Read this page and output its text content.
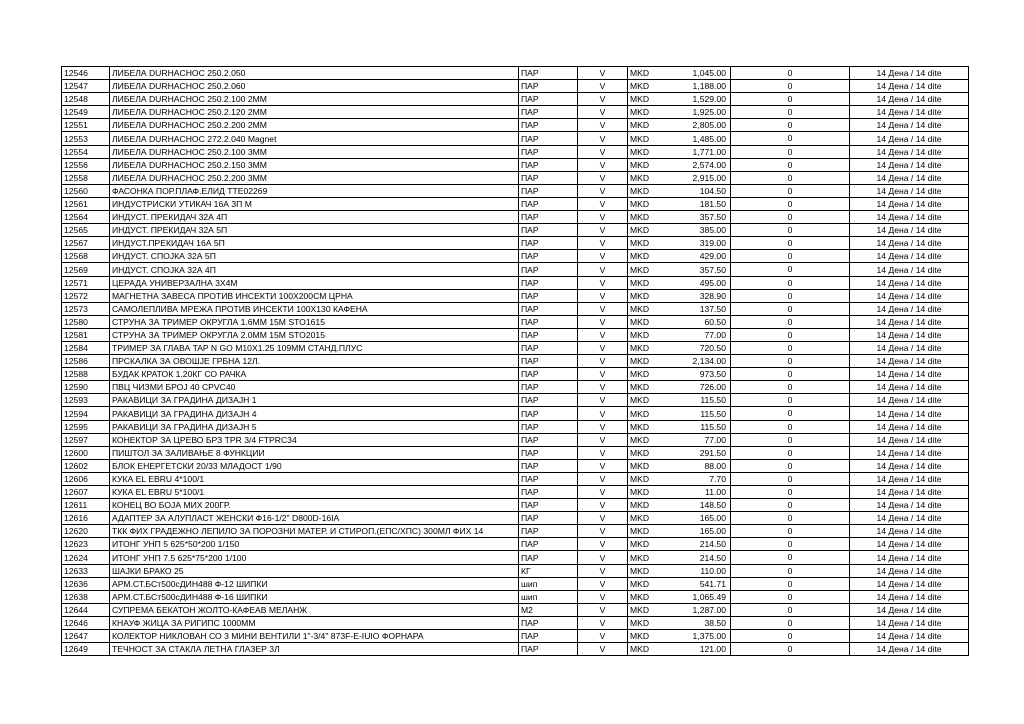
12546	ЛИБЕЛА DURHACHOC 250.2.050	ПАР	V	MKD	1,045.00	0	14 Дена / 14 dite
12547	ЛИБЕЛА DURHACHOC 250.2.060	ПАР	V	MKD	1,188.00	0	14 Дена / 14 dite
12548	ЛИБЕЛА DURHACHOC 250.2.100 2ММ	ПАР	V	MKD	1,529.00	0	14 Дена / 14 dite
12549	ЛИБЕЛА DURHACHOC 250.2.120 2ММ	ПАР	V	MKD	1,925.00	0	14 Дена / 14 dite
12551	ЛИБЕЛА DURHACHOC 250.2.200 2ММ	ПАР	V	MKD	2,805.00	0	14 Дена / 14 dite
12553	ЛИБЕЛА DURHACHOC 272.2.040 Magnet	ПАР	V	MKD	1,485.00	0	14 Дена / 14 dite
12554	ЛИБЕЛА DURHACHOC 250.2.100 3ММ	ПАР	V	MKD	1,771.00	0	14 Дена / 14 dite
12556	ЛИБЕЛА DURHACHOC 250.2.150 3ММ	ПАР	V	MKD	2,574.00	0	14 Дена / 14 dite
12558	ЛИБЕЛА DURHACHOC 250.2.200 3ММ	ПАР	V	MKD	2,915.00	0	14 Дена / 14 dite
12560	ФАСОНКА ПОР.ПЛАФ.ЕЛИД ТТЕ02269	ПАР	V	MKD	104.50	0	14 Дена / 14 dite
12561	ИНДУСТРИСКИ УТИКАЧ 16А 3П М	ПАР	V	MKD	181.50	0	14 Дена / 14 dite
12564	ИНДУСТ. ПРЕКИДАЧ 32А 4П	ПАР	V	MKD	357.50	0	14 Дена / 14 dite
12565	ИНДУСТ. ПРЕКИДАЧ 32А 5П	ПАР	V	MKD	385.00	0	14 Дена / 14 dite
12567	ИНДУСТ.ПРЕКИДАЧ 16А 5П	ПАР	V	MKD	319.00	0	14 Дена / 14 dite
12568	ИНДУСТ. СПОЈКА 32А 5П	ПАР	V	MKD	429.00	0	14 Дена / 14 dite
12569	ИНДУСТ. СПОЈКА 32А 4П	ПАР	V	MKD	357.50	0	14 Дена / 14 dite
12571	ЦЕРАДА УНИВЕРЗАЛНА 3Х4М	ПАР	V	MKD	495.00	0	14 Дена / 14 dite
12572	МАГНЕТНА ЗАВЕСА ПРОТИВ ИНСЕКТИ 100Х200СМ ЦРНА	ПАР	V	MKD	328.90	0	14 Дена / 14 dite
12573	САМОЛЕПЛИВА МРЕЖА ПРОТИВ ИНСЕКТИ 100Х130 КАФЕНА	ПАР	V	MKD	137.50	0	14 Дена / 14 dite
12580	СТРУНА ЗА ТРИМЕР ОКРУГЛА 1.6ММ 15М STO1615	ПАР	V	MKD	60.50	0	14 Дена / 14 dite
12581	СТРУНА ЗА ТРИМЕР ОКРУГЛА 2.0ММ 15М STO2015	ПАР	V	MKD	77.00	0	14 Дена / 14 dite
12584	ТРИМЕР ЗА ГЛАВА TAP N GO M10X1.25 109ММ СТАНД.ПЛУС	ПАР	V	MKD	720.50	0	14 Дена / 14 dite
12586	ПРСКАЛКА ЗА ОВОШЈЕ ГРБНА 12Л.	ПАР	V	MKD	2,134.00	0	14 Дена / 14 dite
12588	БУДАК КРАТОК 1.20КГ СО РАЧКА	ПАР	V	MKD	973.50	0	14 Дена / 14 dite
12590	ПВЦ ЧИЗМИ БРОЈ 40 CPVC40	ПАР	V	MKD	726.00	0	14 Дена / 14 dite
12593	РАКАВИЦИ ЗА ГРАДИНА ДИЗАЈН 1	ПАР	V	MKD	115.50	0	14 Дена / 14 dite
12594	РАКАВИЦИ ЗА ГРАДИНА ДИЗАЈН 4	ПАР	V	MKD	115.50	0	14 Дена / 14 dite
12595	РАКАВИЦИ ЗА ГРАДИНА ДИЗАЈН 5	ПАР	V	MKD	115.50	0	14 Дена / 14 dite
12597	КОНЕКТОР ЗА ЦРЕВО БРЗ TPR 3/4 FTPRC34	ПАР	V	MKD	77.00	0	14 Дена / 14 dite
12600	ПИШТОЛ ЗА ЗАЛИВАЊЕ 8 ФУНКЦИИ	ПАР	V	MKD	291.50	0	14 Дена / 14 dite
12602	БЛОК ЕНЕРГЕТСКИ 20/33 МЛАДОСТ 1/90	ПАР	V	MKD	88.00	0	14 Дена / 14 dite
12606	КУКА EL EBRU 4*100/1	ПАР	V	MKD	7.70	0	14 Дена / 14 dite
12607	КУКА EL EBRU 5*100/1	ПАР	V	MKD	11.00	0	14 Дена / 14 dite
12611	КОНЕЦ ВО БОЈА МИХ 200ГР.	ПАР	V	MKD	148.50	0	14 Дена / 14 dite
12616	АДАПТЕР ЗА АЛУПЛАСТ ЖЕНСКИ Ф16-1/2" D800D-16IA	ПАР	V	MKD	165.00	0	14 Дена / 14 dite
12620	ТКК ФИХ ГРАДЕЖНО ЛЕПИЛО ЗА ПОРОЗНИ МАТЕР. И СТИРОП.(ЕПС/ХПС) 300МЛ ФИХ 14	ПАР	V	MKD	165.00	0	14 Дена / 14 dite
12623	ИТОНГ УНП 5 625*50*200 1/150	ПАР	V	MKD	214.50	0	14 Дена / 14 dite
12624	ИТОНГ УНП 7.5 625*75*200 1/100	ПАР	V	MKD	214.50	0	14 Дена / 14 dite
12633	ШАЈКИ БРАКО 25	КГ	V	MKD	110.00	0	14 Дена / 14 dite
12636	АРМ.СТ.БСт500сДИН488 Ф-12 ШИПКИ	шип	V	MKD	541.71	0	14 Дена / 14 dite
12638	АРМ.СТ.БСт500сДИН488 Ф-16 ШИПКИ	шип	V	MKD	1,065.49	0	14 Дена / 14 dite
12644	СУПРЕМА БЕКАТОН ЖОЛТО-КАФЕАВ МЕЛАНЖ	М2	V	MKD	1,287.00	0	14 Дена / 14 dite
12646	КНАУФ ЖИЦА ЗА РИГИПС 1000ММ	ПАР	V	MKD	38.50	0	14 Дена / 14 dite
12647	КОЛЕКТОР НИКЛОВАН СО 3 МИНИ ВЕНТИЛИ 1"-3/4" 873F-E-IUIO ФОРНАРА	ПАР	V	MKD	1,375.00	0	14 Дена / 14 dite
12649	ТЕЧНОСТ ЗА СТАКЛА ЛЕТНА ГЛАЗЕР 3Л	ПАР	V	MKD	121.00	0	14 Дена / 14 dite
